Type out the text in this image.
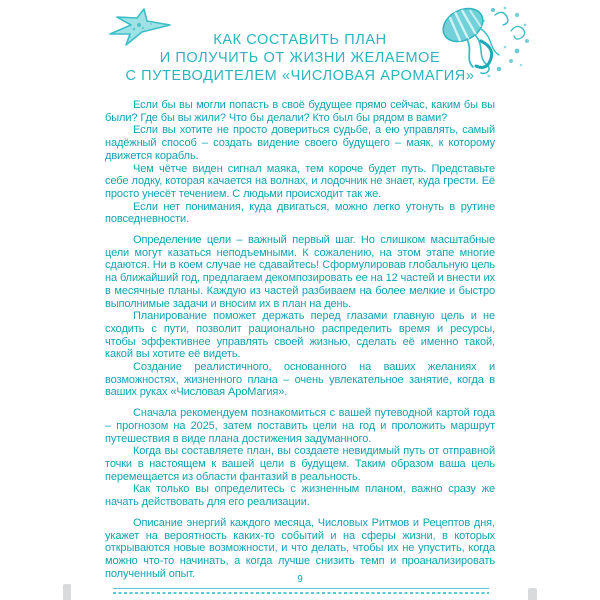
КАК СОСТАВИТЬ ПЛАН
И ПОЛУЧИТЬ ОТ ЖИЗНИ ЖЕЛАЕМОЕ
С ПУТЕВОДИТЕЛЕМ «ЧИСЛОВАЯ АРОМАГИЯ»

Если бы вы могли попасть в своё будущее прямо сейчас, каким бы вы были? Где бы вы жили? Что бы делали? Кто был бы рядом в вами?

Если вы хотите не просто довериться судьбе, а ею управлять, самый надёжный способ – создать видение своего будущего – маяк, к которому движется корабль.

Чем чётче виден сигнал маяка, тем короче будет путь. Представьте себе лодку, которая качается на волнах, и лодочник не знает, куда грести. Её просто унесёт течением. С людьми происходит так же.

Если нет понимания, куда двигаться, можно легко утонуть в рутине повседневности.

Определение цели – важный первый шаг. Но слишком масштабные цели могут казаться неподъемными. К сожалению, на этом этапе многие сдаются. Ни в коем случае не сдавайтесь! Сформулировав глобальную цель на ближайший год, предлагаем декомпозировать ее на 12 частей и внести их в месячные планы. Каждую из частей разбиваем на более мелкие и быстро выполнимые задачи и вносим их в план на день.

Планирование поможет держать перед глазами главную цель и не сходить с пути, позволит рационально распределить время и ресурсы, чтобы эффективнее управлять своей жизнью, сделать её именно такой, какой вы хотите её видеть.

Создание реалистичного, основанного на ваших желаниях и возможностях, жизненного плана – очень увлекательное занятие, когда в ваших руках «Числовая АроМагия».

Сначала рекомендуем познакомиться с вашей путеводной картой года – прогнозом на 2025, затем поставить цели на год и проложить маршрут путешествия в виде плана достижения задуманного.

Когда вы составляете план, вы создаете невидимый путь от отправной точки в настоящем к вашей цели в будущем. Таким образом ваша цель перемещается из области фантазий в реальность.

Как только вы определитесь с жизненным планом, важно сразу же начать действовать для его реализации.

Описание энергий каждого месяца, Числовых Ритмов и Рецептов дня, укажет на вероятность каких-то событий и на сферы жизни, в которых открываются новые возможности, и что делать, чтобы их не упустить, когда можно что-то начинать, а когда лучше снизить темп и проанализировать полученный опыт.	9
